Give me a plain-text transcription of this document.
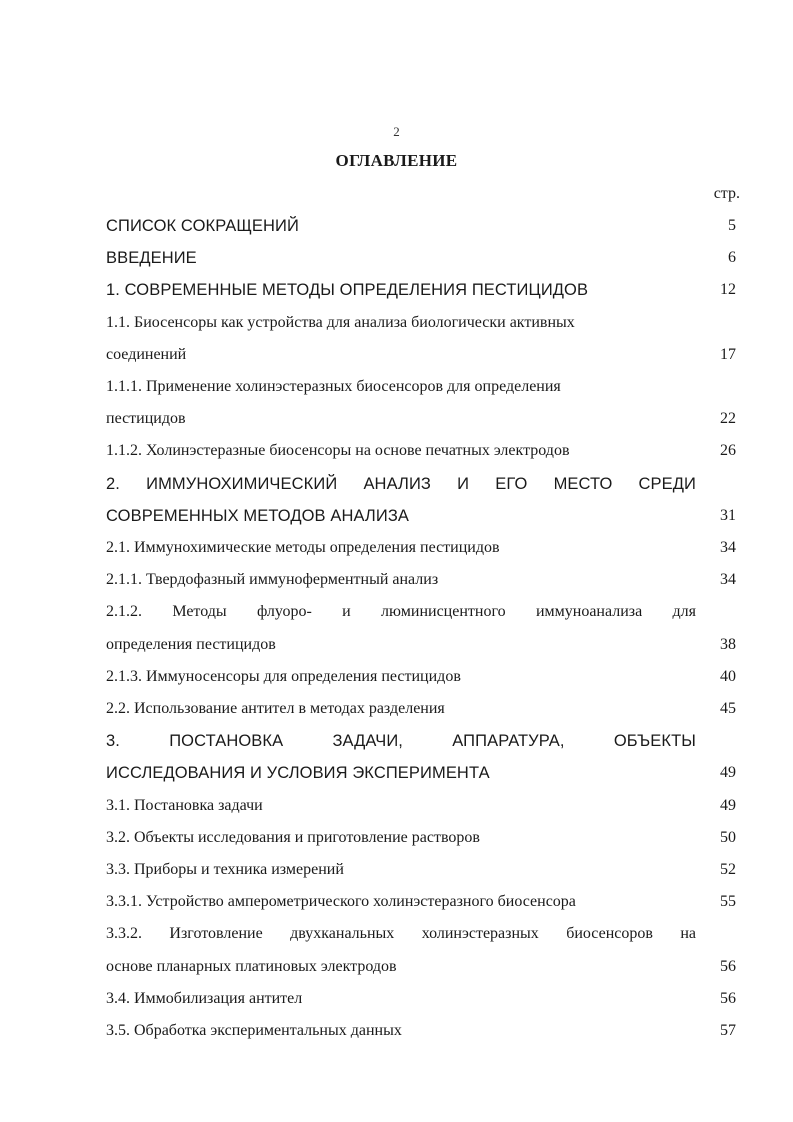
2
ОГЛАВЛЕНИЕ
стр.
СПИСОК СОКРАЩЕНИЙ	5
ВВЕДЕНИЕ	6
1. СОВРЕМЕННЫЕ МЕТОДЫ ОПРЕДЕЛЕНИЯ ПЕСТИЦИДОВ	12
1.1. Биосенсоры как устройства для анализа биологически активных
соединений	17
1.1.1. Применение холинэстеразных биосенсоров для определения
пестицидов	22
1.1.2. Холинэстеразные биосенсоры на основе печатных электродов	26
2. ИММУНОХИМИЧЕСКИЙ АНАЛИЗ И ЕГО МЕСТО СРЕДИ
СОВРЕМЕННЫХ МЕТОДОВ АНАЛИЗА	31
2.1. Иммунохимические методы определения пестицидов	34
2.1.1. Твердофазный иммуноферментный анализ	34
2.1.2. Методы флуоро- и люминисцентного иммуноанализа для
определения пестицидов	38
2.1.3. Иммуносенсоры для определения пестицидов	40
2.2. Использование антител в методах разделения	45
3. ПОСТАНОВКА ЗАДАЧИ, АППАРАТУРА, ОБЪЕКТЫ
ИССЛЕДОВАНИЯ И УСЛОВИЯ ЭКСПЕРИМЕНТА	49
3.1. Постановка задачи	49
3.2. Объекты исследования и приготовление растворов	50
3.3. Приборы и техника измерений	52
3.3.1. Устройство амперометрического холинэстеразного биосенсора	55
3.3.2. Изготовление двухканальных холинэстеразных биосенсоров на
основе планарных платиновых электродов	56
3.4. Иммобилизация антител	56
3.5. Обработка экспериментальных данных	57
